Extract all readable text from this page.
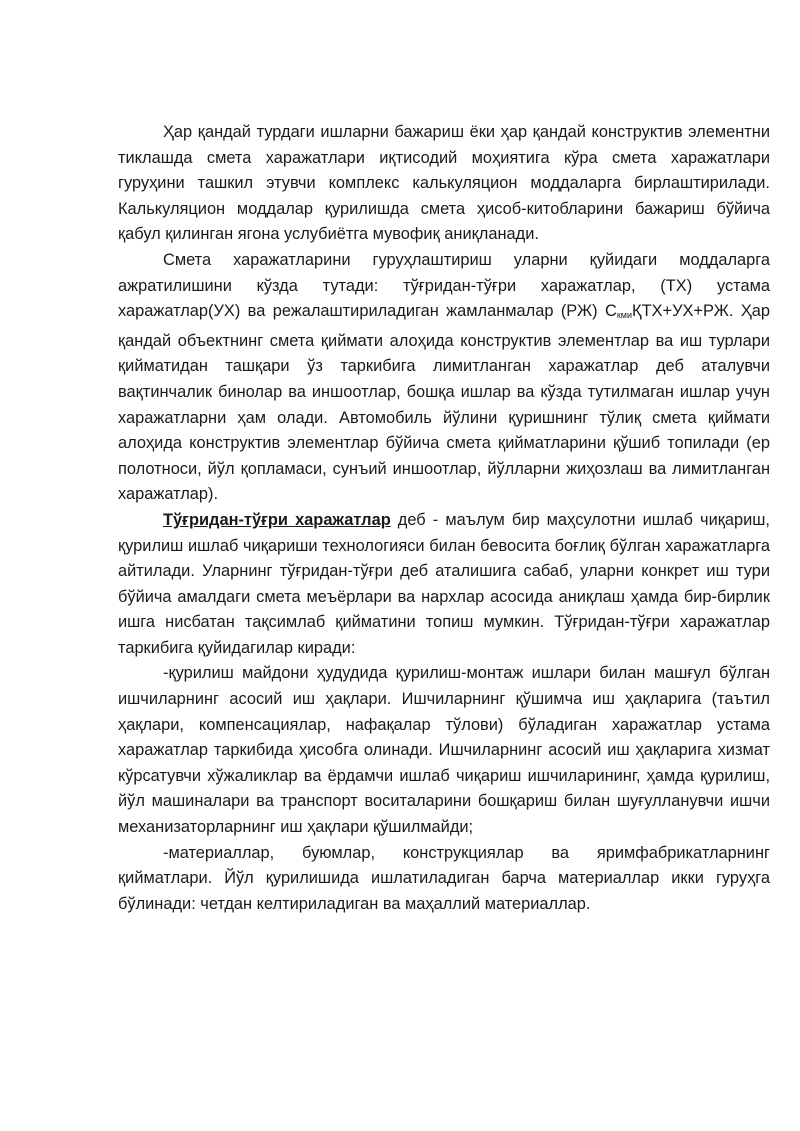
Ҳар қандай турдаги ишларни бажариш ёки ҳар қандай конструктив элементни тиклашда смета харажатлари иқтисодий моҳиятига кўра смета харажатлари гуруҳини ташкил этувчи комплекс калькуляцион моддаларга бирлаштирилади. Калькуляцион моддалар қурилишда смета ҳисоб-китобларини бажариш бўйича қабул қилинган ягона услубиётга мувофиқ аниқланади.

Смета харажатларини гуруҳлаштириш уларни қуйидаги моддаларга ажратилишини кўзда тутади: тўғридан-тўғри харажатлар, (ТХ) устама харажатлар(УХ) ва режалаштириладиган жамланмалар (РЖ) $С_{кми}ҚТХ+УХ+РЖ$. Ҳар қандай объектнинг смета қиймати алоҳида конструктив элементлар ва иш турлари қийматидан ташқари ўз таркибига лимитланган харажатлар деб аталувчи вақтинчалик бинолар ва иншоотлар, бошқа ишлар ва кўзда тутилмаган ишлар учун харажатларни ҳам олади. Автомобиль йўлини қуришнинг тўлиқ смета қиймати алоҳида конструктив элементлар бўйича смета қийматларини қўшиб топилади (ер полотноси, йўл қопламаси, сунъий иншоотлар, йўлларни жиҳозлаш ва лимитланган харажатлар).

Тўғридан-тўғри харажатлар деб - маълум бир маҳсулотни ишлаб чиқариш, қурилиш ишлаб чиқариши технологияси билан бевосита боғлиқ бўлган харажатларга айтилади. Уларнинг тўғридан-тўғри деб аталишига сабаб, уларни конкрет иш тури бўйича амалдаги смета меъёрлари ва нархлар асосида аниқлаш ҳамда бир-бирлик ишга нисбатан тақсимлаб қийматини топиш мумкин. Тўғридан-тўғри харажатлар таркибига қуйидагилар киради:

-қурилиш майдони ҳудудида қурилиш-монтаж ишлари билан машғул бўлган ишчиларнинг асосий иш ҳақлари. Ишчиларнинг қўшимча иш ҳақларига (таътил ҳақлари, компенсациялар, нафақалар тўлови) бўладиган харажатлар устама харажатлар таркибида ҳисобга олинади. Ишчиларнинг асосий иш ҳақларига хизмат кўрсатувчи хўжаликлар ва ёрдамчи ишлаб чиқариш ишчиларининг, ҳамда қурилиш, йўл машиналари ва транспорт воситаларини бошқариш билан шуғулланувчи ишчи механизаторларнинг иш ҳақлари қўшилмайди;

-материаллар, буюмлар, конструкциялар ва яримфабрикатларнинг қийматлари. Йўл қурилишида ишлатиладиган барча материаллар икки гуруҳга бўлинади: четдан келтириладиган ва маҳаллий материаллар.
